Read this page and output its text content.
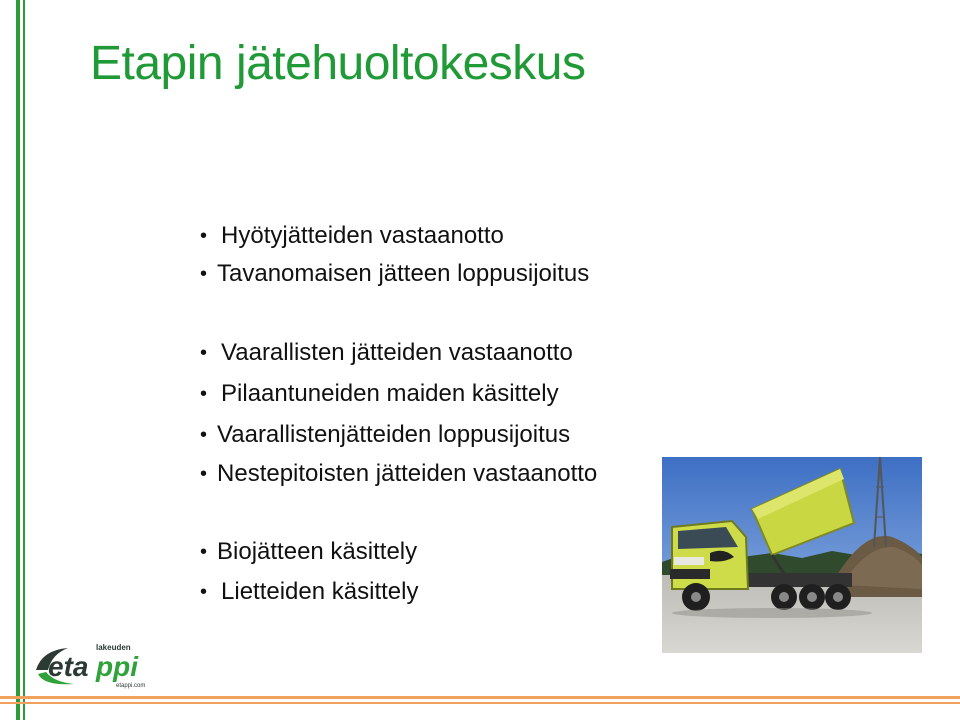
Etapin jätehuoltokeskus
• Hyötyjätteiden vastaanotto
• Tavanomaisen jätteen loppusijoitus
• Vaarallisten jätteiden vastaanotto
• Pilaantuneiden maiden käsittely
• Vaarallistenjätteiden loppusijoitus
• Nestepitoisten jätteiden vastaanotto
• Biojätteen käsittely
• Lietteiden käsittely
lakeuden
eta ppi
etappi.com
